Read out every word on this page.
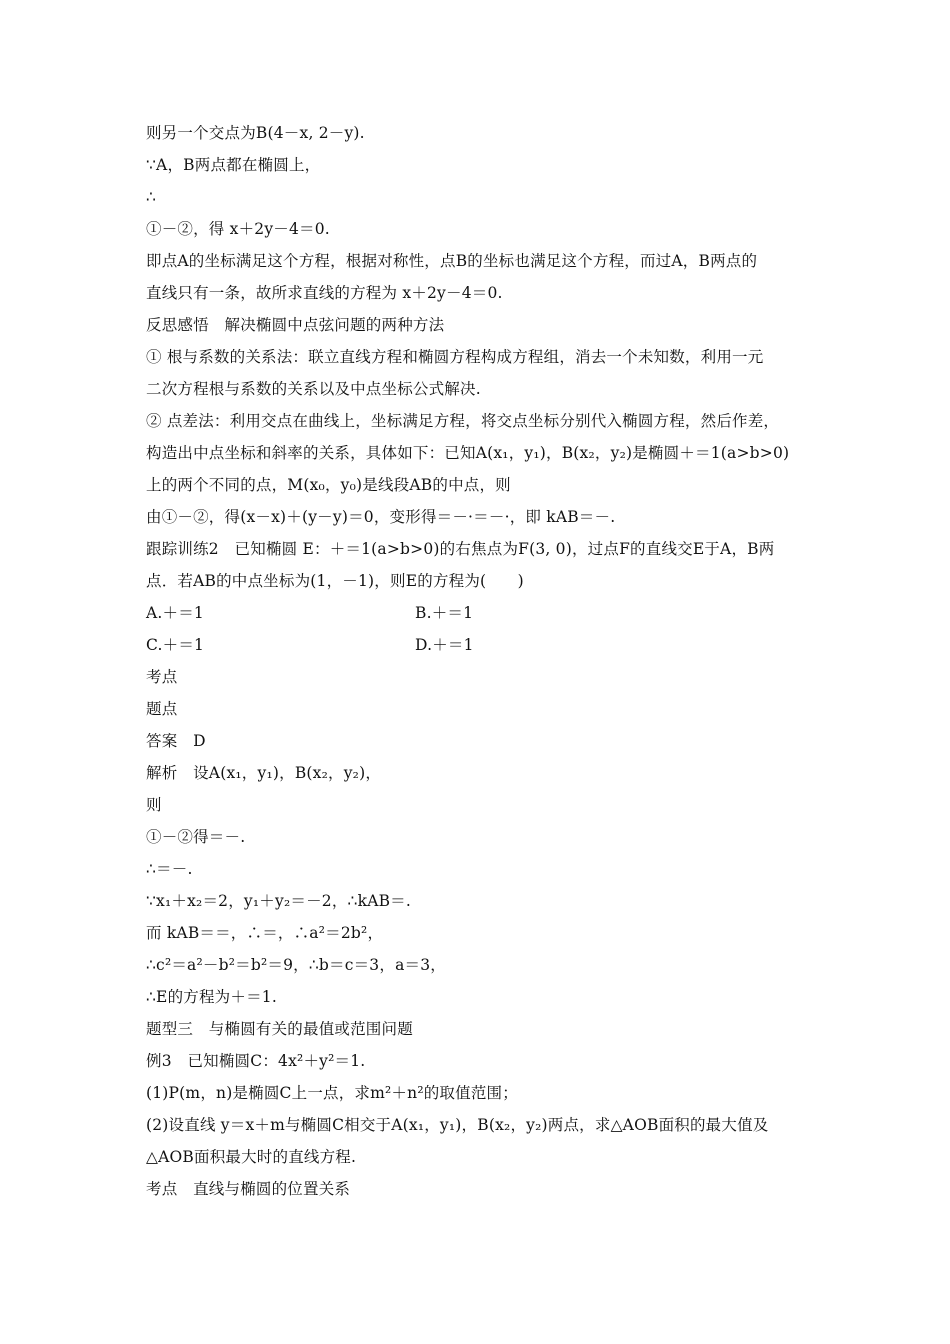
则另一个交点为B(4－x, 2－y).
∵A，B两点都在椭圆上，
∴
①－②，得 x＋2y－4＝0.
即点A的坐标满足这个方程，根据对称性，点B的坐标也满足这个方程，而过A，B两点的
直线只有一条，故所求直线的方程为 x＋2y－4＝0.
反思感悟　解决椭圆中点弦问题的两种方法
① 根与系数的关系法：联立直线方程和椭圆方程构成方程组，消去一个未知数，利用一元
二次方程根与系数的关系以及中点坐标公式解决.
② 点差法：利用交点在曲线上，坐标满足方程，将交点坐标分别代入椭圆方程，然后作差，
构造出中点坐标和斜率的关系，具体如下：已知A(x₁，y₁)，B(x₂，y₂)是椭圆＋＝1(a>b>0)
上的两个不同的点，M(x₀，y₀)是线段AB的中点，则
由①－②，得(x－x)＋(y－y)＝0，变形得＝－·＝－·，即 kAB＝－.
跟踪训练2　已知椭圆 E：＋＝1(a>b>0)的右焦点为F(3, 0)，过点F的直线交E于A，B两
点．若AB的中点坐标为(1，－1)，则E的方程为(　　)
A.＋＝1	B.＋＝1
C.＋＝1	D.＋＝1
考点
题点
答案　D
解析　设A(x₁，y₁)，B(x₂，y₂)，
则
①－②得＝－.
∴＝－.
∵x₁＋x₂＝2，y₁＋y₂＝－2，∴kAB＝.
而 kAB＝＝，∴＝，∴a²＝2b²，
∴c²＝a²－b²＝b²＝9，∴b＝c＝3，a＝3，
∴E的方程为＋＝1.
题型三　与椭圆有关的最值或范围问题
例3　已知椭圆C：4x²＋y²＝1.
(1)P(m，n)是椭圆C上一点，求m²＋n²的取值范围；
(2)设直线 y＝x＋m与椭圆C相交于A(x₁，y₁)，B(x₂，y₂)两点，求△AOB面积的最大值及
△AOB面积最大时的直线方程.
考点　直线与椭圆的位置关系
